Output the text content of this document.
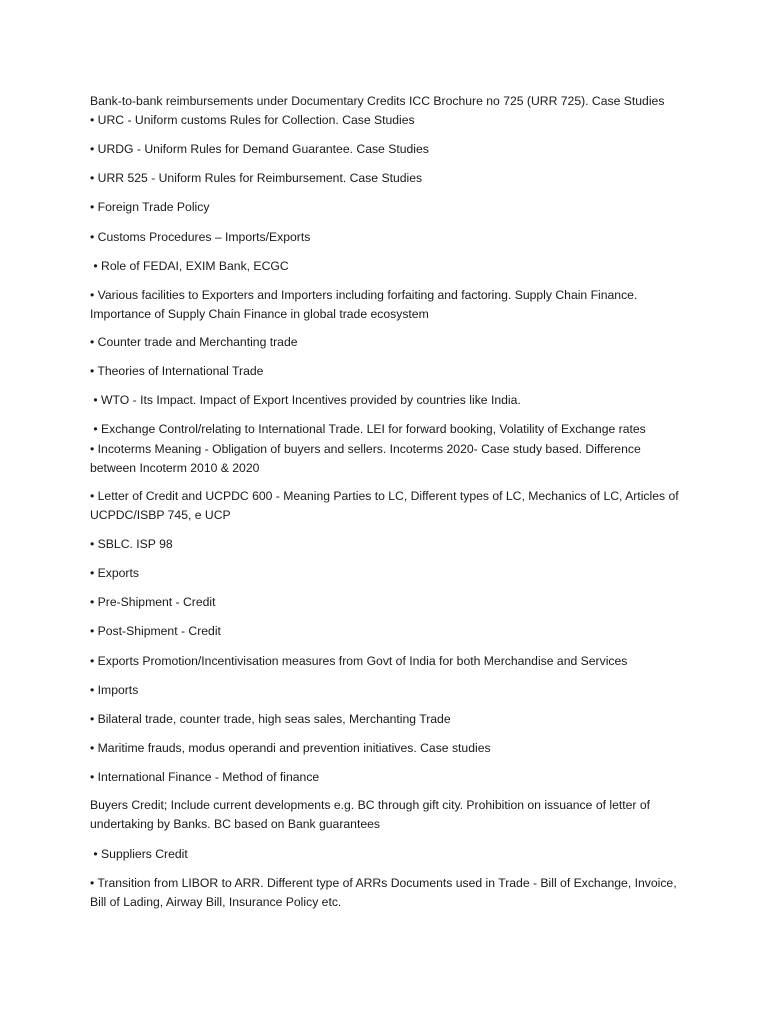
Bank-to-bank reimbursements under Documentary Credits ICC Brochure no 725 (URR 725). Case Studies

• URC - Uniform customs Rules for Collection. Case Studies

• URDG - Uniform Rules for Demand Guarantee. Case Studies

• URR 525 - Uniform Rules for Reimbursement. Case Studies

• Foreign Trade Policy

• Customs Procedures – Imports/Exports

• Role of FEDAI, EXIM Bank, ECGC

• Various facilities to Exporters and Importers including forfaiting and factoring. Supply Chain Finance. Importance of Supply Chain Finance in global trade ecosystem

• Counter trade and Merchanting trade

• Theories of International Trade

• WTO - Its Impact. Impact of Export Incentives provided by countries like India.

• Exchange Control/relating to International Trade. LEI for forward booking, Volatility of Exchange rates

• Incoterms Meaning - Obligation of buyers and sellers. Incoterms 2020- Case study based. Difference between Incoterm 2010 & 2020

• Letter of Credit and UCPDC 600 - Meaning Parties to LC, Different types of LC, Mechanics of LC, Articles of UCPDC/ISBP 745, e UCP

• SBLC. ISP 98

• Exports

• Pre-Shipment - Credit

• Post-Shipment - Credit

• Exports Promotion/Incentivisation measures from Govt of India for both Merchandise and Services

• Imports

• Bilateral trade, counter trade, high seas sales, Merchanting Trade

• Maritime frauds, modus operandi and prevention initiatives. Case studies

• International Finance - Method of finance

Buyers Credit; Include current developments e.g. BC through gift city. Prohibition on issuance of letter of undertaking by Banks. BC based on Bank guarantees

• Suppliers Credit

• Transition from LIBOR to ARR. Different type of ARRs Documents used in Trade - Bill of Exchange, Invoice, Bill of Lading, Airway Bill, Insurance Policy etc.
